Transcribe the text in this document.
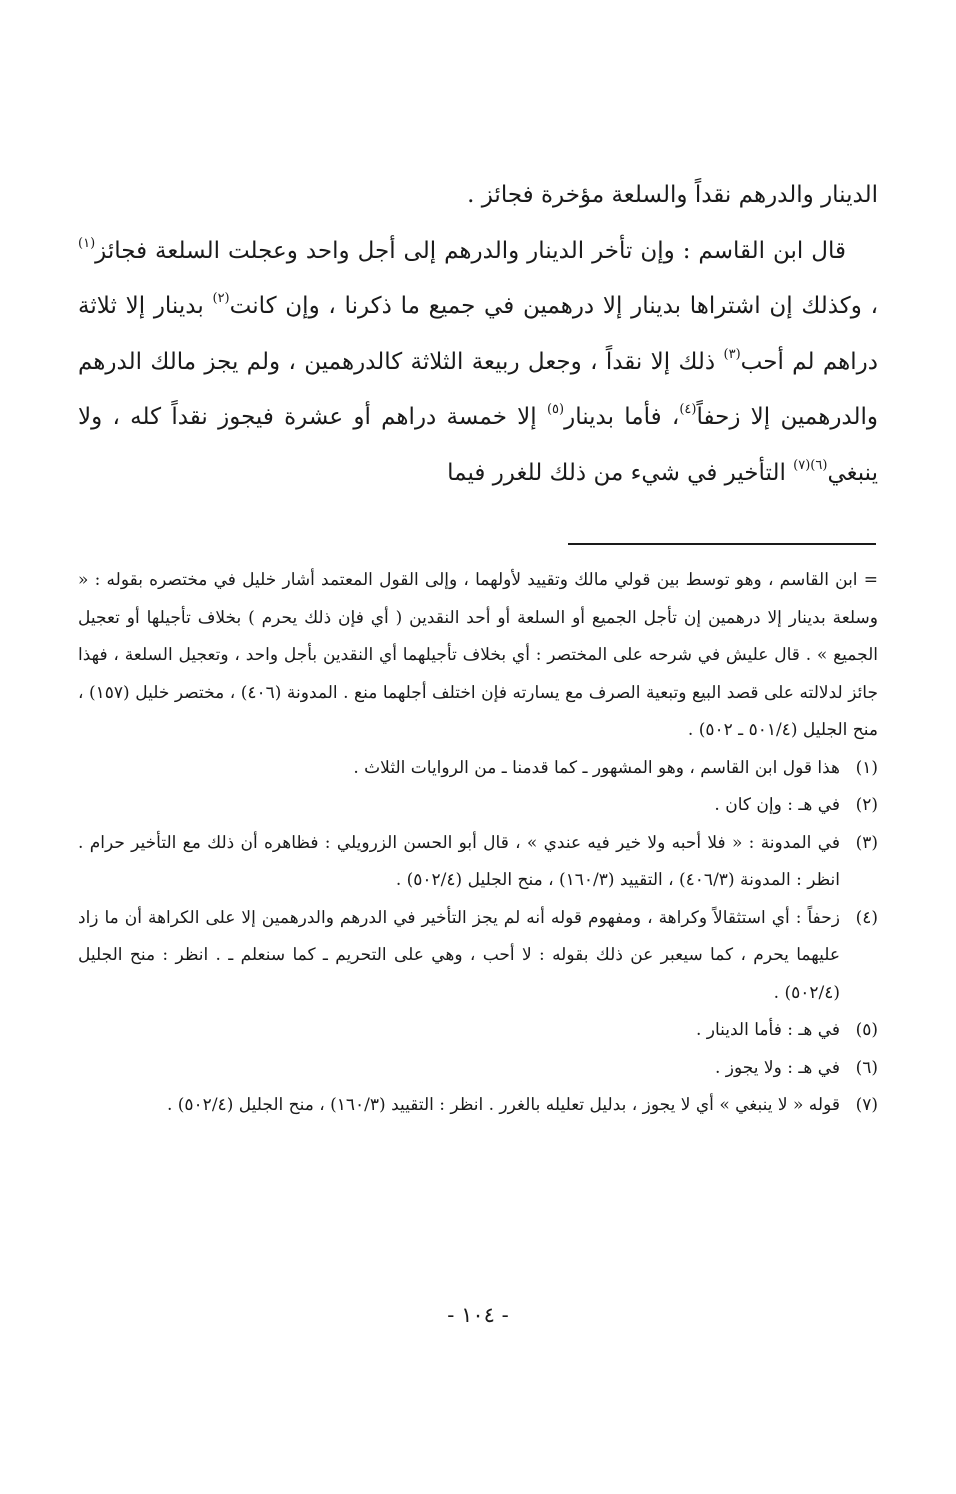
الدينار والدرهم نقداً والسلعة مؤخرة فجائز .

قال ابن القاسم : وإن تأخر الدينار والدرهم إلى أجل واحد وعجلت السلعة فجائز$^{(١)}$ ، وكذلك إن اشتراها بدينار إلا درهمين في جميع ما ذكرنا ، وإن كانت$^{(٢)}$ بدينار إلا ثلاثة دراهم لم أحب$^{(٣)}$ ذلك إلا نقداً ، وجعل ربيعة الثلاثة كالدرهمين ، ولم يجز مالك الدرهم والدرهمين إلا زحفاً$^{(٤)}$، فأما بدينار$^{(٥)}$ إلا خمسة دراهم أو عشرة فيجوز نقداً كله ، ولا ينبغي$^{(٦)(٧)}$ التأخير في شيء من ذلك للغرر فيما

= ابن القاسم ، وهو توسط بين قولي مالك وتقييد لأولهما ، وإلى القول المعتمد أشار خليل في مختصره بقوله : « وسلعة بدينار إلا درهمين إن تأجل الجميع أو السلعة أو أحد النقدين ( أي فإن ذلك يحرم ) بخلاف تأجيلها أو تعجيل الجميع » . قال عليش في شرحه على المختصر : أي بخلاف تأجيلهما أي النقدين بأجل واحد ، وتعجيل السلعة ، فهذا جائز لدلالته على قصد البيع وتبعية الصرف مع يسارته فإن اختلف أجلهما منع . المدونة (٤٠٦) ، مختصر خليل (١٥٧) ، منح الجليل (٥٠١/٤ ـ ٥٠٢) .

(١)
هذا قول ابن القاسم ، وهو المشهور ـ كما قدمنا ـ من الروايات الثلاث .
(٢)
في هـ : وإن كان .
(٣)
في المدونة : « فلا أحبه ولا خير فيه عندي » ، قال أبو الحسن الزرويلي : فظاهره أن ذلك مع التأخير حرام . انظر : المدونة (٤٠٦/٣) ، التقييد (١٦٠/٣) ، منح الجليل (٥٠٢/٤) .
(٤)
زحفاً : أي استثقالاً وكراهة ، ومفهوم قوله أنه لم يجز التأخير في الدرهم والدرهمين إلا على الكراهة أن ما زاد عليهما يحرم ، كما سيعبر عن ذلك بقوله : لا أحب ، وهي على التحريم ـ كما سنعلم ـ . انظر : منح الجليل (٥٠٢/٤) .
(٥)
في هـ : فأما الدينار .
(٦)
في هـ : ولا يجوز .
(٧)
قوله « لا ينبغي » أي لا يجوز ، بدليل تعليله بالغرر . انظر : التقييد (١٦٠/٣) ، منح الجليل (٥٠٢/٤) .
- ١٠٤ -
